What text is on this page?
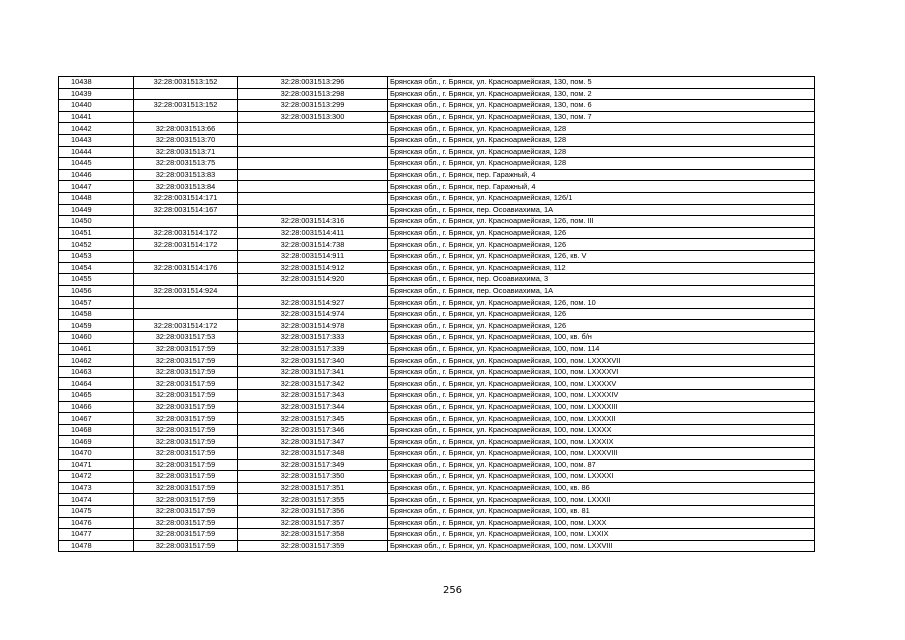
10438	32:28:0031513:152	32:28:0031513:296	Брянская обл., г. Брянск, ул. Красноармейская, 130, пом. 5
10439		32:28:0031513:298	Брянская обл., г. Брянск, ул. Красноармейская, 130, пом. 2
10440	32:28:0031513:152	32:28:0031513:299	Брянская обл., г. Брянск, ул. Красноармейская, 130, пом. 6
10441		32:28:0031513:300	Брянская обл., г. Брянск, ул. Красноармейская, 130, пом. 7
10442	32:28:0031513:66		Брянская обл., г. Брянск, ул. Красноармейская, 128
10443	32:28:0031513:70		Брянская обл., г. Брянск, ул. Красноармейская, 128
10444	32:28:0031513:71		Брянская обл., г. Брянск, ул. Красноармейская, 128
10445	32:28:0031513:75		Брянская обл., г. Брянск, ул. Красноармейская, 128
10446	32:28:0031513:83		Брянская обл., г. Брянск, пер. Гаражный, 4
10447	32:28:0031513:84		Брянская обл., г. Брянск, пер. Гаражный, 4
10448	32:28:0031514:171		Брянская обл., г. Брянск, ул. Красноармейская, 126/1
10449	32:28:0031514:167		Брянская обл., г. Брянск, пер. Осоавиахима, 1А
10450		32:28:0031514:316	Брянская обл., г. Брянск, ул. Красноармейская, 126, пом. III
10451	32:28:0031514:172	32:28:0031514:411	Брянская обл., г. Брянск, ул. Красноармейская, 126
10452	32:28:0031514:172	32:28:0031514:738	Брянская обл., г. Брянск, ул. Красноармейская, 126
10453		32:28:0031514:911	Брянская обл., г. Брянск, ул. Красноармейская, 126, кв. V
10454	32:28:0031514:176	32:28:0031514:912	Брянская обл., г. Брянск, ул. Красноармейская, 112
10455		32:28:0031514:920	Брянская обл., г. Брянск, пер. Осоавиахима, 3
10456	32:28:0031514:924		Брянская обл., г. Брянск, пер. Осоавиахима, 1А
10457		32:28:0031514:927	Брянская обл., г. Брянск, ул. Красноармейская, 126, пом. 10
10458		32:28:0031514:974	Брянская обл., г. Брянск, ул. Красноармейская, 126
10459	32:28:0031514:172	32:28:0031514:978	Брянская обл., г. Брянск, ул. Красноармейская, 126
10460	32:28:0031517:53	32:28:0031517:333	Брянская обл., г. Брянск, ул. Красноармейская, 100, кв. б/н
10461	32:28:0031517:59	32:28:0031517:339	Брянская обл., г. Брянск, ул. Красноармейская, 100, пом. 114
10462	32:28:0031517:59	32:28:0031517:340	Брянская обл., г. Брянск, ул. Красноармейская, 100, пом. LXXXXVII
10463	32:28:0031517:59	32:28:0031517:341	Брянская обл., г. Брянск, ул. Красноармейская, 100, пом. LXXXXVI
10464	32:28:0031517:59	32:28:0031517:342	Брянская обл., г. Брянск, ул. Красноармейская, 100, пом. LXXXXV
10465	32:28:0031517:59	32:28:0031517:343	Брянская обл., г. Брянск, ул. Красноармейская, 100, пом. LXXXXIV
10466	32:28:0031517:59	32:28:0031517:344	Брянская обл., г. Брянск, ул. Красноармейская, 100, пом. LXXXXIII
10467	32:28:0031517:59	32:28:0031517:345	Брянская обл., г. Брянск, ул. Красноармейская, 100, пом. LXXXXII
10468	32:28:0031517:59	32:28:0031517:346	Брянская обл., г. Брянск, ул. Красноармейская, 100, пом. LXXXX
10469	32:28:0031517:59	32:28:0031517:347	Брянская обл., г. Брянск, ул. Красноармейская, 100, пом. LXXXIX
10470	32:28:0031517:59	32:28:0031517:348	Брянская обл., г. Брянск, ул. Красноармейская, 100, пом. LXXXVIII
10471	32:28:0031517:59	32:28:0031517:349	Брянская обл., г. Брянск, ул. Красноармейская, 100, пом. 87
10472	32:28:0031517:59	32:28:0031517:350	Брянская обл., г. Брянск, ул. Красноармейская, 100, пом. LXXXXI
10473	32:28:0031517:59	32:28:0031517:351	Брянская обл., г. Брянск, ул. Красноармейская, 100, кв. 86
10474	32:28:0031517:59	32:28:0031517:355	Брянская обл., г. Брянск, ул. Красноармейская, 100, пом. LXXXII
10475	32:28:0031517:59	32:28:0031517:356	Брянская обл., г. Брянск, ул. Красноармейская, 100, кв. 81
10476	32:28:0031517:59	32:28:0031517:357	Брянская обл., г. Брянск, ул. Красноармейская, 100, пом. LXXX
10477	32:28:0031517:59	32:28:0031517:358	Брянская обл., г. Брянск, ул. Красноармейская, 100, пом. LXXIX
10478	32:28:0031517:59	32:28:0031517:359	Брянская обл., г. Брянск, ул. Красноармейская, 100, пом. LXXVIII
256
